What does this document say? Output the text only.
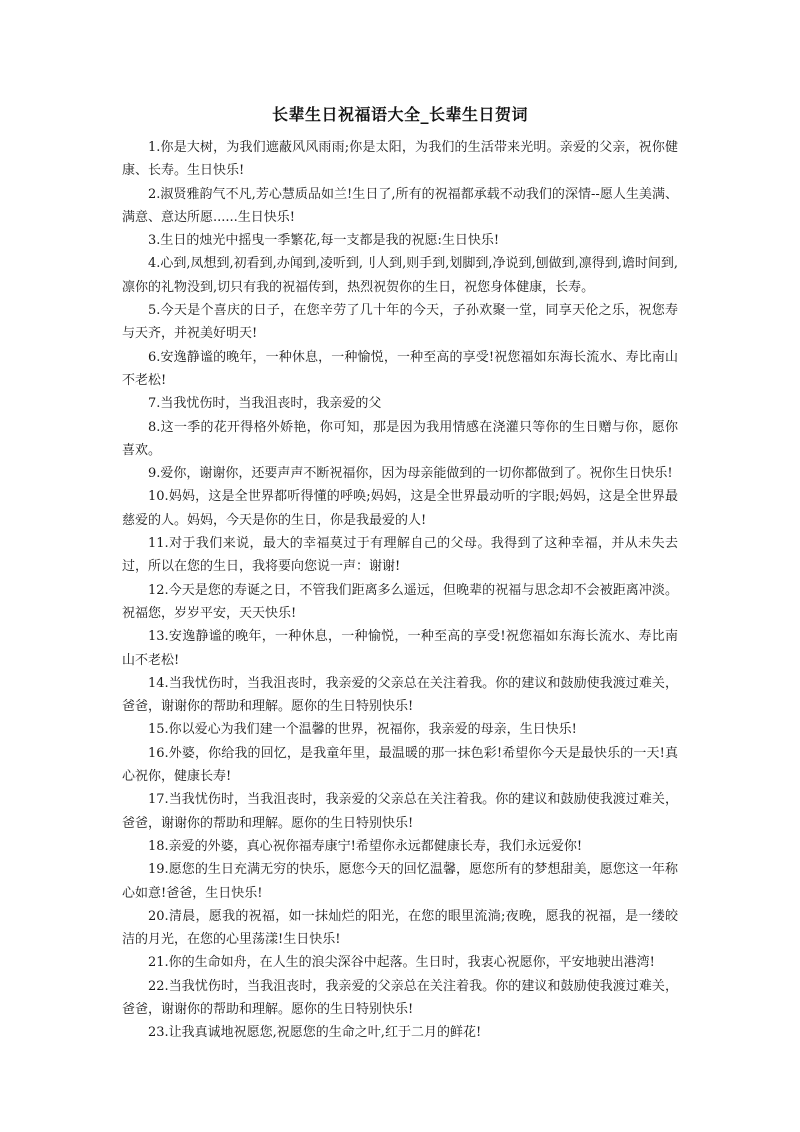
长辈生日祝福语大全_长辈生日贺词

1.你是大树，为我们遮蔽风风雨雨;你是太阳，为我们的生活带来光明。亲爱的父亲，祝你健康、长寿。生日快乐!

2.淑贤雅韵气不凡,芳心慧质品如兰!生日了,所有的祝福都承载不动我们的深情--愿人生美满、满意、意达所愿......生日快乐!

3.生日的烛光中摇曳一季繁花,每一支都是我的祝愿:生日快乐!

4.心到,凤想到,初看到,办闻到,凌听到,刂人到,则手到,划脚到,净说到,刨做到,凛得到,谵时间到,凛你的礼物没到,切只有我的祝福传到，热烈祝贺你的生日，祝您身体健康，长寿。

5.今天是个喜庆的日子，在您辛劳了几十年的今天，子孙欢聚一堂，同享天伦之乐，祝您寿与天齐，并祝美好明天!

6.安逸静谧的晚年，一种休息，一种愉悦，一种至高的享受!祝您福如东海长流水、寿比南山不老松!

7.当我忧伤时，当我沮丧时，我亲爱的父

8.这一季的花开得格外娇艳，你可知，那是因为我用情感在浇灌只等你的生日赠与你，愿你喜欢。

9.爱你，谢谢你，还要声声不断祝福你，因为母亲能做到的一切你都做到了。祝你生日快乐!

10.妈妈，这是全世界都听得懂的呼唤;妈妈，这是全世界最动听的字眼;妈妈，这是全世界最慈爱的人。妈妈，今天是你的生日，你是我最爱的人!

11.对于我们来说，最大的幸福莫过于有理解自己的父母。我得到了这种幸福，并从未失去过，所以在您的生日，我将要向您说一声：谢谢!

12.今天是您的寿诞之日，不管我们距离多么遥远，但晚辈的祝福与思念却不会被距离冲淡。祝福您，岁岁平安，天天快乐!

13.安逸静谧的晚年，一种休息，一种愉悦，一种至高的享受!祝您福如东海长流水、寿比南山不老松!

14.当我忧伤时，当我沮丧时，我亲爱的父亲总在关注着我。你的建议和鼓励使我渡过难关，爸爸，谢谢你的帮助和理解。愿你的生日特别快乐!

15.你以爱心为我们建一个温馨的世界，祝福你，我亲爱的母亲，生日快乐!

16.外婆，你给我的回忆，是我童年里，最温暖的那一抹色彩!希望你今天是最快乐的一天!真心祝你，健康长寿!

17.当我忧伤时，当我沮丧时，我亲爱的父亲总在关注着我。你的建议和鼓励使我渡过难关，爸爸，谢谢你的帮助和理解。愿你的生日特别快乐!

18.亲爱的外婆，真心祝你福寿康宁!希望你永远都健康长寿，我们永远爱你!

19.愿您的生日充满无穷的快乐，愿您今天的回忆温馨，愿您所有的梦想甜美，愿您这一年称心如意!爸爸，生日快乐!

20.清晨，愿我的祝福，如一抹灿烂的阳光，在您的眼里流淌;夜晚，愿我的祝福，是一缕皎洁的月光，在您的心里荡漾!生日快乐!

21.你的生命如舟，在人生的浪尖深谷中起落。生日时，我衷心祝愿你，平安地驶出港湾!

22.当我忧伤时，当我沮丧时，我亲爱的父亲总在关注着我。你的建议和鼓励使我渡过难关，爸爸，谢谢你的帮助和理解。愿你的生日特别快乐!

23.让我真诚地祝愿您,祝愿您的生命之叶,红于二月的鲜花!
